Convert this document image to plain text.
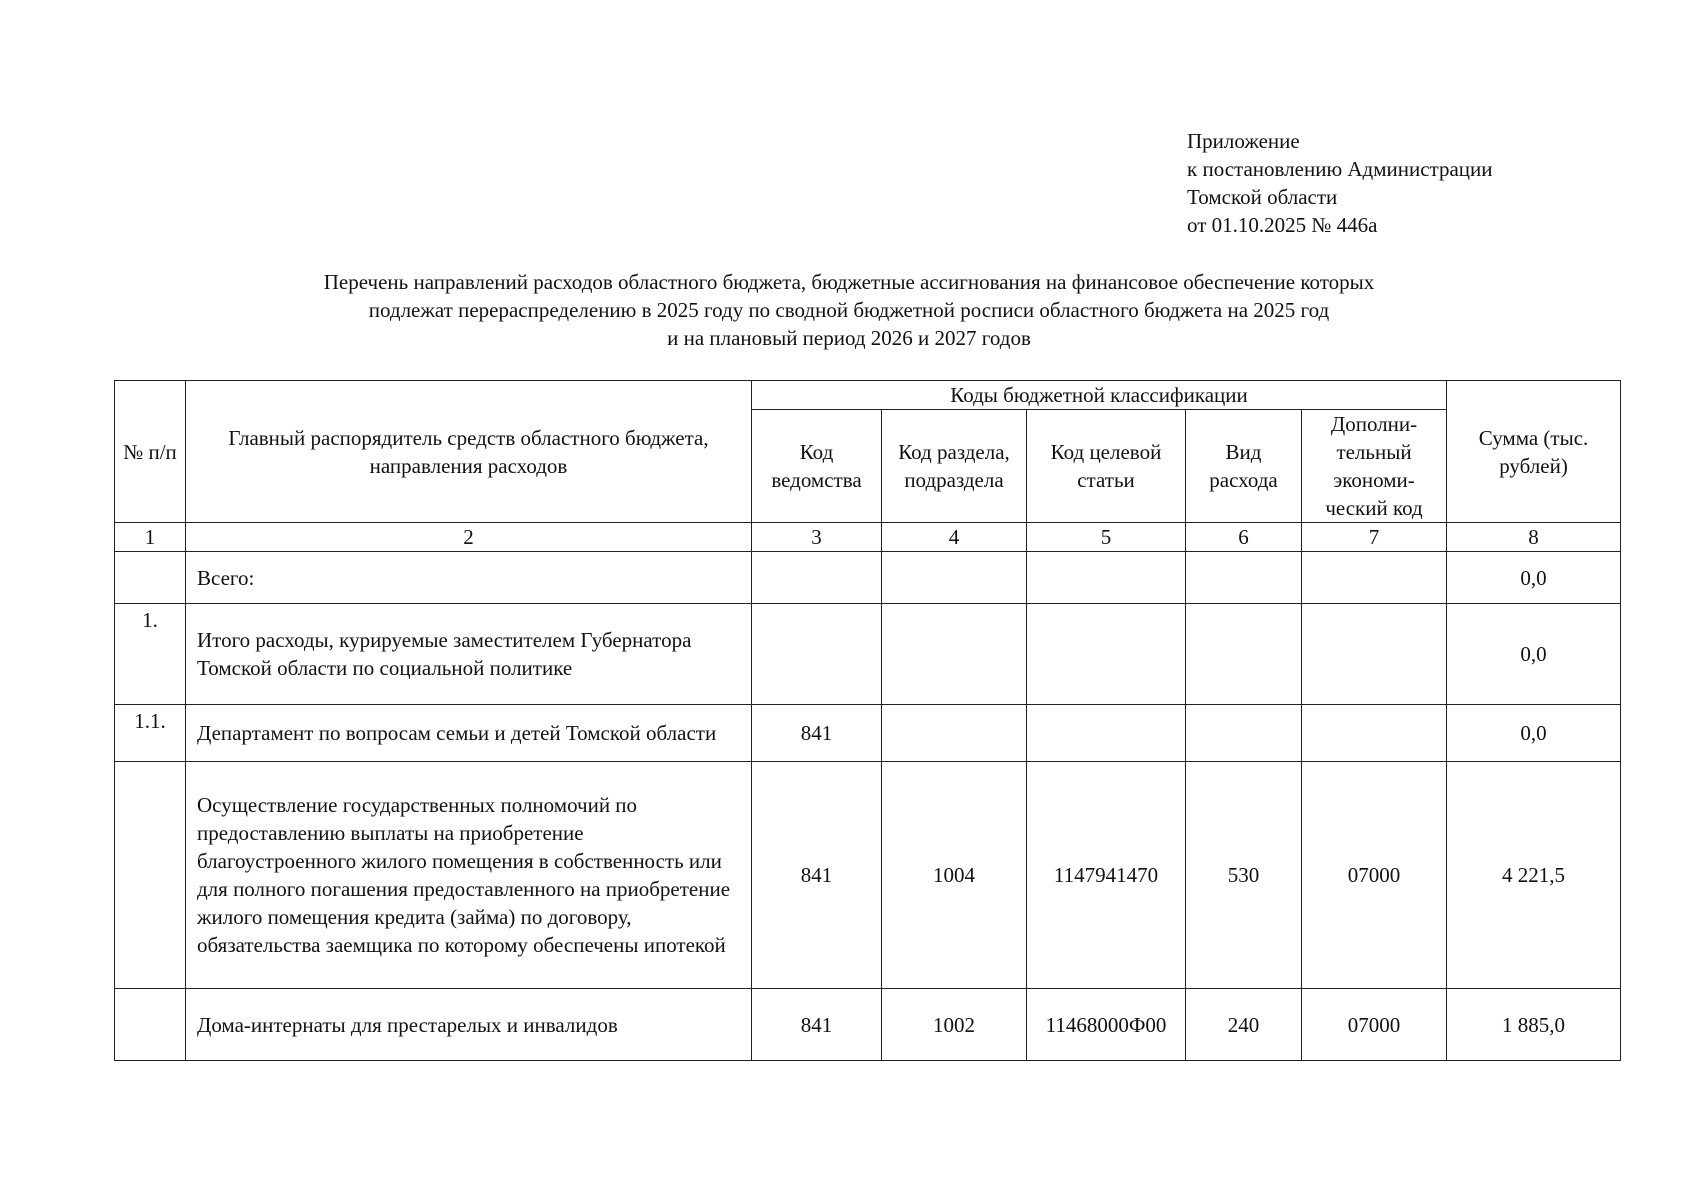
Приложение
к постановлению Администрации
Томской области
от 01.10.2025 № 446а
Перечень направлений расходов областного бюджета, бюджетные ассигнования на финансовое обеспечение которых
подлежат перераспределению в 2025 году по сводной бюджетной росписи областного бюджета на 2025 год
и на плановый период 2026 и 2027 годов
№ п/п	Главный распорядитель средств областного бюджета, направления расходов	Коды бюджетной классификации					Сумма (тыс. рублей)
		Код ведомства	Код раздела, подраздела	Код целевой статьи	Вид расхода	Дополни-тельный экономи-ческий код	
1	2	3	4	5	6	7	8
	Всего:						0,0
1.	Итого расходы, курируемые заместителем Губернатора Томской области по социальной политике						0,0
1.1.	Департамент по вопросам семьи и детей Томской области	841					0,0
	Осуществление государственных полномочий по предоставлению выплаты на приобретение благоустроенного жилого помещения в собственность или для полного погашения предоставленного на приобретение жилого помещения кредита (займа) по договору, обязательства заемщика по которому обеспечены ипотекой	841	1004	1147941470	530	07000	4 221,5
	Дома-интернаты для престарелых и инвалидов	841	1002	11468000Ф00	240	07000	1 885,0
